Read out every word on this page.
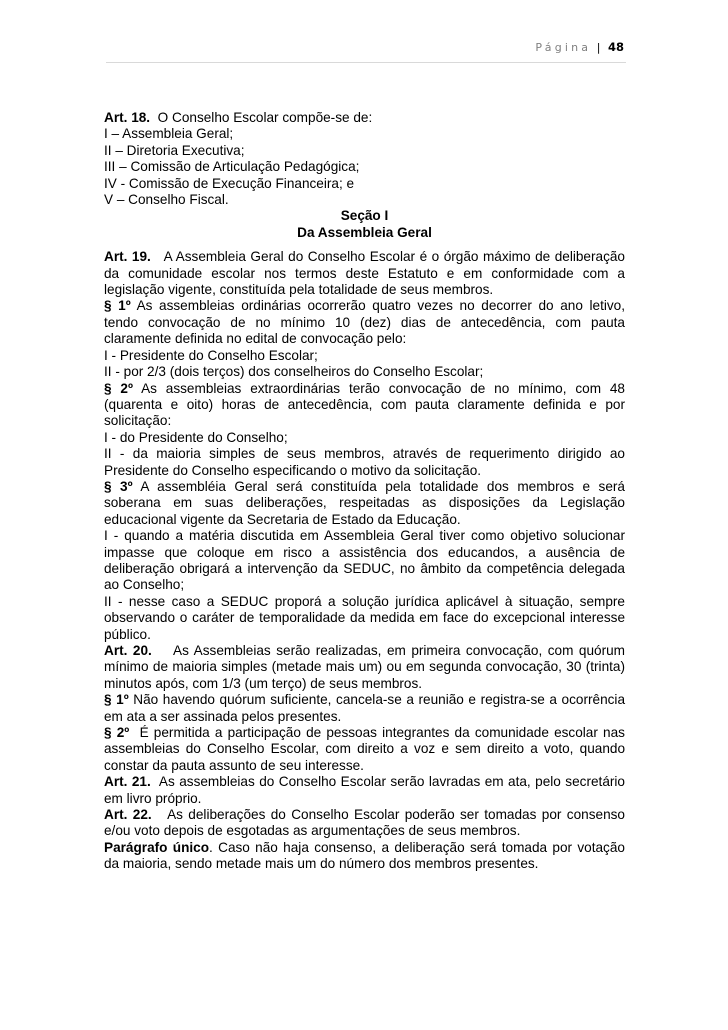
Página | 48

Art. 18. O Conselho Escolar compõe-se de:

I – Assembleia Geral;

II – Diretoria Executiva;

III – Comissão de Articulação Pedagógica;

IV - Comissão de Execução Financeira; e

V – Conselho Fiscal.

Seção I

Da Assembleia Geral

Art. 19. A Assembleia Geral do Conselho Escolar é o órgão máximo de deliberação da comunidade escolar nos termos deste Estatuto e em conformidade com a legislação vigente, constituída pela totalidade de seus membros.

§ 1º As assembleias ordinárias ocorrerão quatro vezes no decorrer do ano letivo, tendo convocação de no mínimo 10 (dez) dias de antecedência, com pauta claramente definida no edital de convocação pelo:

I - Presidente do Conselho Escolar;

II - por 2/3 (dois terços) dos conselheiros do Conselho Escolar;

§ 2º As assembleias extraordinárias terão convocação de no mínimo, com 48 (quarenta e oito) horas de antecedência, com pauta claramente definida e por solicitação:

I - do Presidente do Conselho;

II - da maioria simples de seus membros, através de requerimento dirigido ao Presidente do Conselho especificando o motivo da solicitação.

§ 3º A assembléia Geral será constituída pela totalidade dos membros e será soberana em suas deliberações, respeitadas as disposições da Legislação educacional vigente da Secretaria de Estado da Educação.

I - quando a matéria discutida em Assembleia Geral tiver como objetivo solucionar impasse que coloque em risco a assistência dos educandos, a ausência de deliberação obrigará a intervenção da SEDUC, no âmbito da competência delegada ao Conselho;

II - nesse caso a SEDUC proporá a solução jurídica aplicável à situação, sempre observando o caráter de temporalidade da medida em face do excepcional interesse público.

Art. 20. As Assembleias serão realizadas, em primeira convocação, com quórum mínimo de maioria simples (metade mais um) ou em segunda convocação, 30 (trinta) minutos após, com 1/3 (um terço) de seus membros.

§ 1º Não havendo quórum suficiente, cancela-se a reunião e registra-se a ocorrência em ata a ser assinada pelos presentes.

§ 2º É permitida a participação de pessoas integrantes da comunidade escolar nas assembleias do Conselho Escolar, com direito a voz e sem direito a voto, quando constar da pauta assunto de seu interesse.

Art. 21. As assembleias do Conselho Escolar serão lavradas em ata, pelo secretário em livro próprio.

Art. 22. As deliberações do Conselho Escolar poderão ser tomadas por consenso e/ou voto depois de esgotadas as argumentações de seus membros.

Parágrafo único. Caso não haja consenso, a deliberação será tomada por votação da maioria, sendo metade mais um do número dos membros presentes.
